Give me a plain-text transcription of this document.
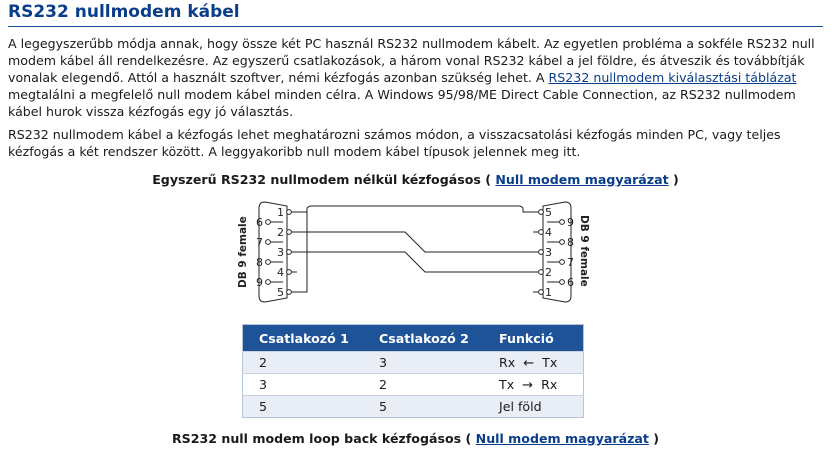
RS232 nullmodem kábel

A legegyszerűbb módja annak, hogy össze két PC használ RS232 nullmodem kábelt. Az egyetlen probléma a sokféle RS232 null modem kábel áll rendelkezésre. Az egyszerű csatlakozások, a három vonal RS232 kábel a jel földre, és átveszik és továbbítják vonalak elegendő. Attól a használt szoftver, némi kézfogás azonban szükség lehet. A RS232 nullmodem kiválasztási táblázat megtalálni a megfelelő null modem kábel minden célra. A Windows 95/98/ME Direct Cable Connection, az RS232 nullmodem kábel hurok vissza kézfogás egy jó választás.

RS232 nullmodem kábel a kézfogás lehet meghatározni számos módon, a visszacsatolási kézfogás minden PC, vagy teljes kézfogás a két rendszer között. A leggyakoribb null modem kábel típusok jelennek meg itt.

Egyszerű RS232 nullmodem nélkül kézfogásos ( Null modem magyarázat )
DB 9 female	DB 9 female
1
2
3
4
5
6
7
8
9
5
4
3
2
1
9
8
7
6
Csatlakozó 1	Csatlakozó 2	Funkció
2	3	Rx ← Tx
3	2	Tx → Rx
5	5	Jel föld
RS232 null modem loop back kézfogásos ( Null modem magyarázat )
